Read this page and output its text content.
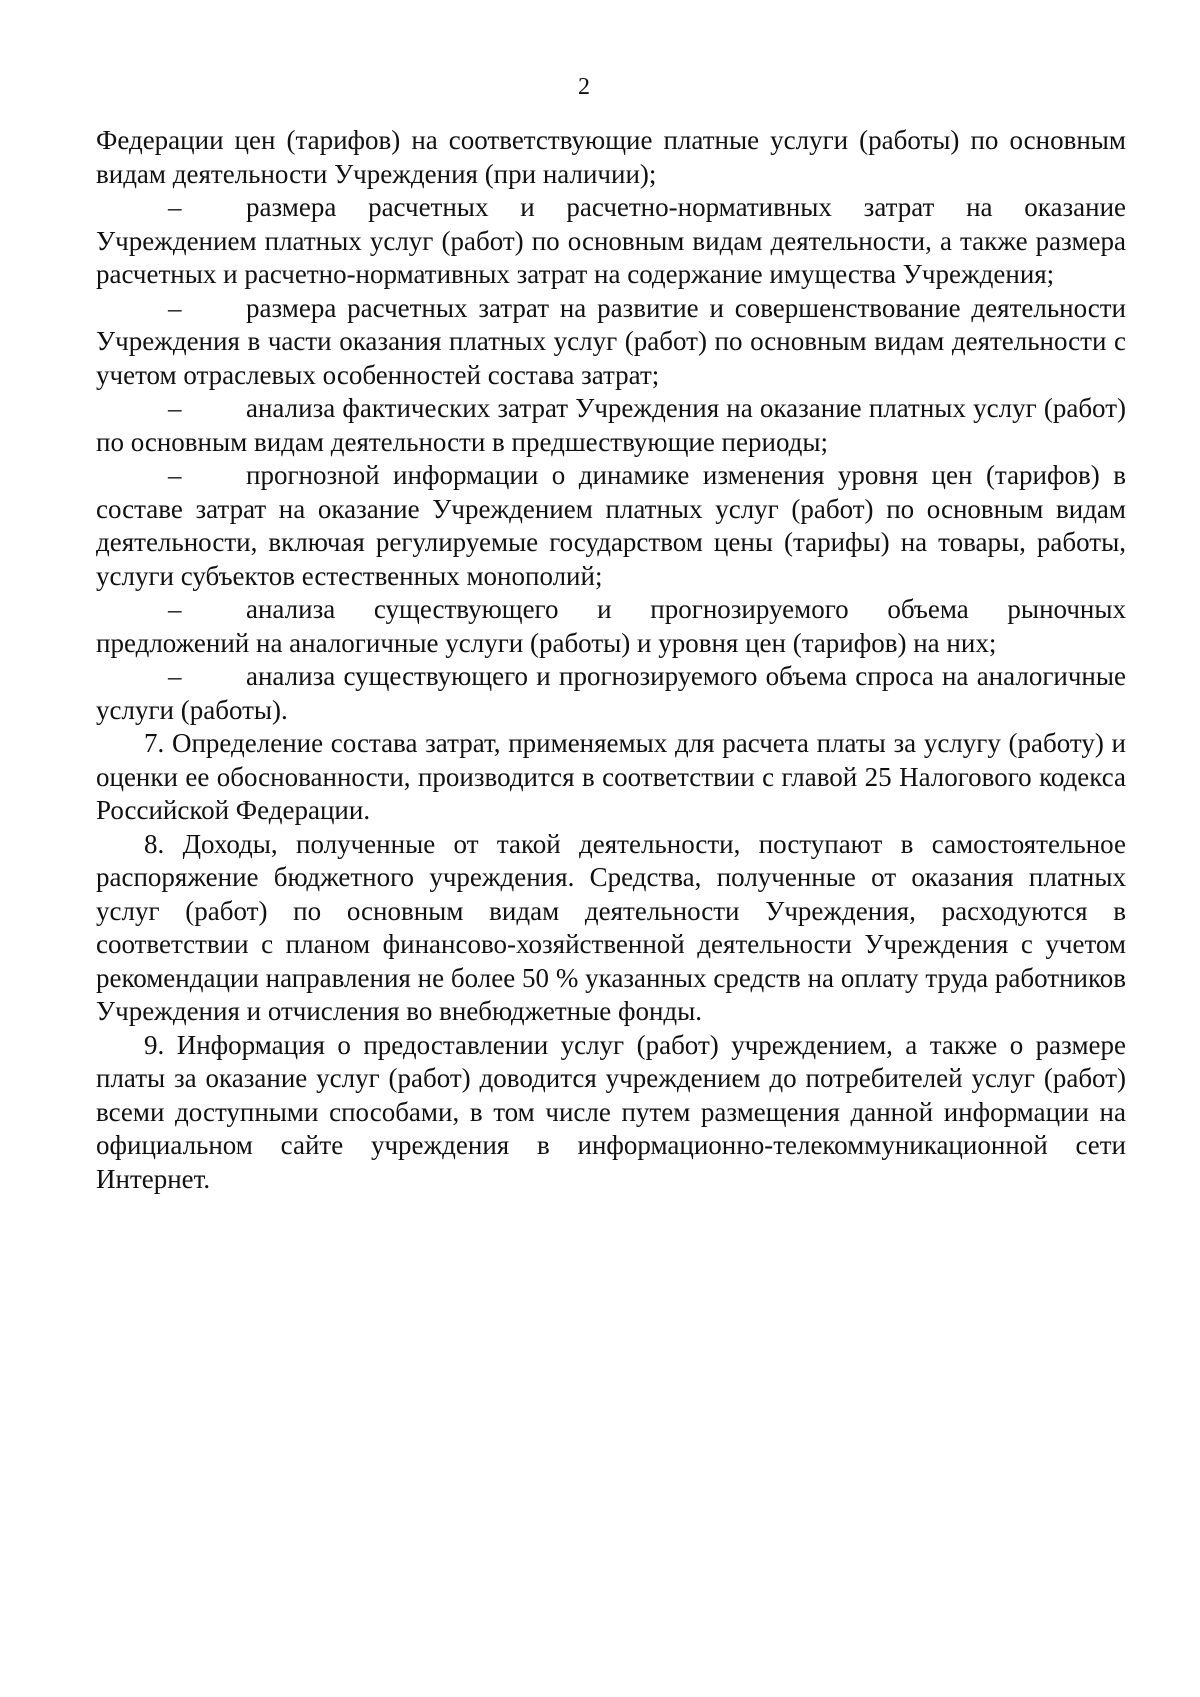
2

Федерации цен (тарифов) на соответствующие платные услуги (работы) по основным видам деятельности Учреждения (при наличии);

– размера расчетных и расчетно-нормативных затрат на оказание Учреждением платных услуг (работ) по основным видам деятельности, а также размера расчетных и расчетно-нормативных затрат на содержание имущества Учреждения;

– размера расчетных затрат на развитие и совершенствование деятельности Учреждения в части оказания платных услуг (работ) по основным видам деятельности с учетом отраслевых особенностей состава затрат;

– анализа фактических затрат Учреждения на оказание платных услуг (работ) по основным видам деятельности в предшествующие периоды;

– прогнозной информации о динамике изменения уровня цен (тарифов) в составе затрат на оказание Учреждением платных услуг (работ) по основным видам деятельности, включая регулируемые государством цены (тарифы) на товары, работы, услуги субъектов естественных монополий;

– анализа существующего и прогнозируемого объема рыночных предложений на аналогичные услуги (работы) и уровня цен (тарифов) на них;

– анализа существующего и прогнозируемого объема спроса на аналогичные услуги (работы).

7. Определение состава затрат, применяемых для расчета платы за услугу (работу) и оценки ее обоснованности, производится в соответствии с главой 25 Налогового кодекса Российской Федерации.

8. Доходы, полученные от такой деятельности, поступают в самостоятельное распоряжение бюджетного учреждения. Средства, полученные от оказания платных услуг (работ) по основным видам деятельности Учреждения, расходуются в соответствии с планом финансово-хозяйственной деятельности Учреждения с учетом рекомендации направления не более 50 % указанных средств на оплату труда работников Учреждения и отчисления во внебюджетные фонды.

9. Информация о предоставлении услуг (работ) учреждением, а также о размере платы за оказание услуг (работ) доводится учреждением до потребителей услуг (работ) всеми доступными способами, в том числе путем размещения данной информации на официальном сайте учреждения в информационно-телекоммуникационной сети Интернет.
